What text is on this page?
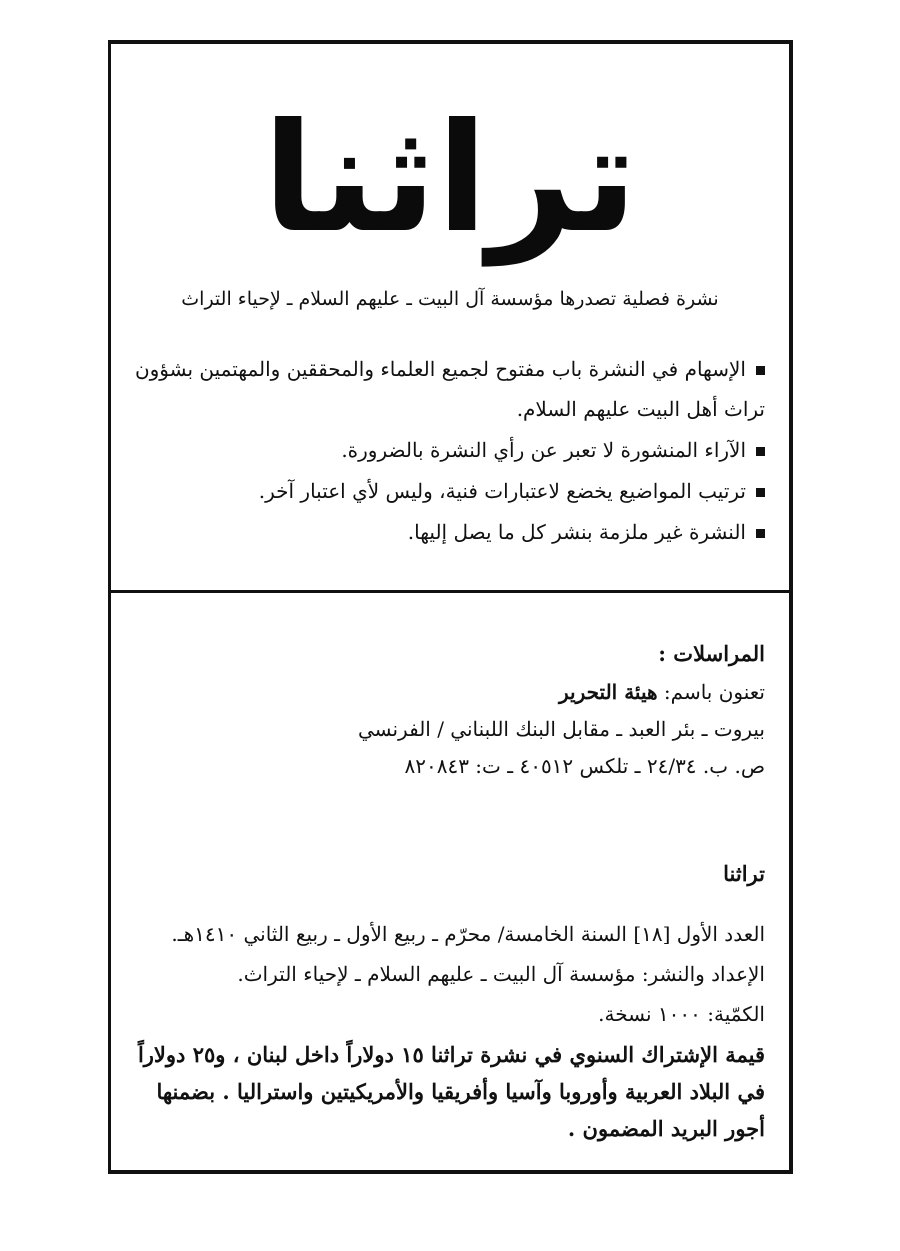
تراثنا
نشرة فصلية تصدرها مؤسسة آل البيت ـ عليهم السلام ـ لإحياء التراث
الإسهام في النشرة باب مفتوح لجميع العلماء والمحققين والمهتمين بشؤون تراث أهل البيت عليهم السلام.
الآراء المنشورة لا تعبر عن رأي النشرة بالضرورة.
ترتيب المواضيع يخضع لاعتبارات فنية، وليس لأي اعتبار آخر.
النشرة غير ملزمة بنشر كل ما يصل إليها.
المراسلات :
تعنون باسم: هيئة التحرير
بيروت ـ بئر العبد ـ مقابل البنك اللبناني / الفرنسي
ص. ب. ٢٤/٣٤ ـ تلكس ٤٠٥١٢ ـ ت: ٨٢٠٨٤٣
تراثنا
العدد الأول [١٨] السنة الخامسة/ محرّم ـ ربيع الأول ـ ربيع الثاني ١٤١٠هـ.
الإعداد والنشر: مؤسسة آل البيت ـ عليهم السلام ـ لإحياء التراث.
الكمّية: ١٠٠٠ نسخة.
قيمة الإشتراك السنوي في نشرة تراثنا ١٥ دولاراً داخل لبنان ، و٢٥ دولاراً في البلاد العربية وأوروبا وآسيا وأفريقيا والأمريكيتين واستراليا . بضمنها أجور البريد المضمون .
